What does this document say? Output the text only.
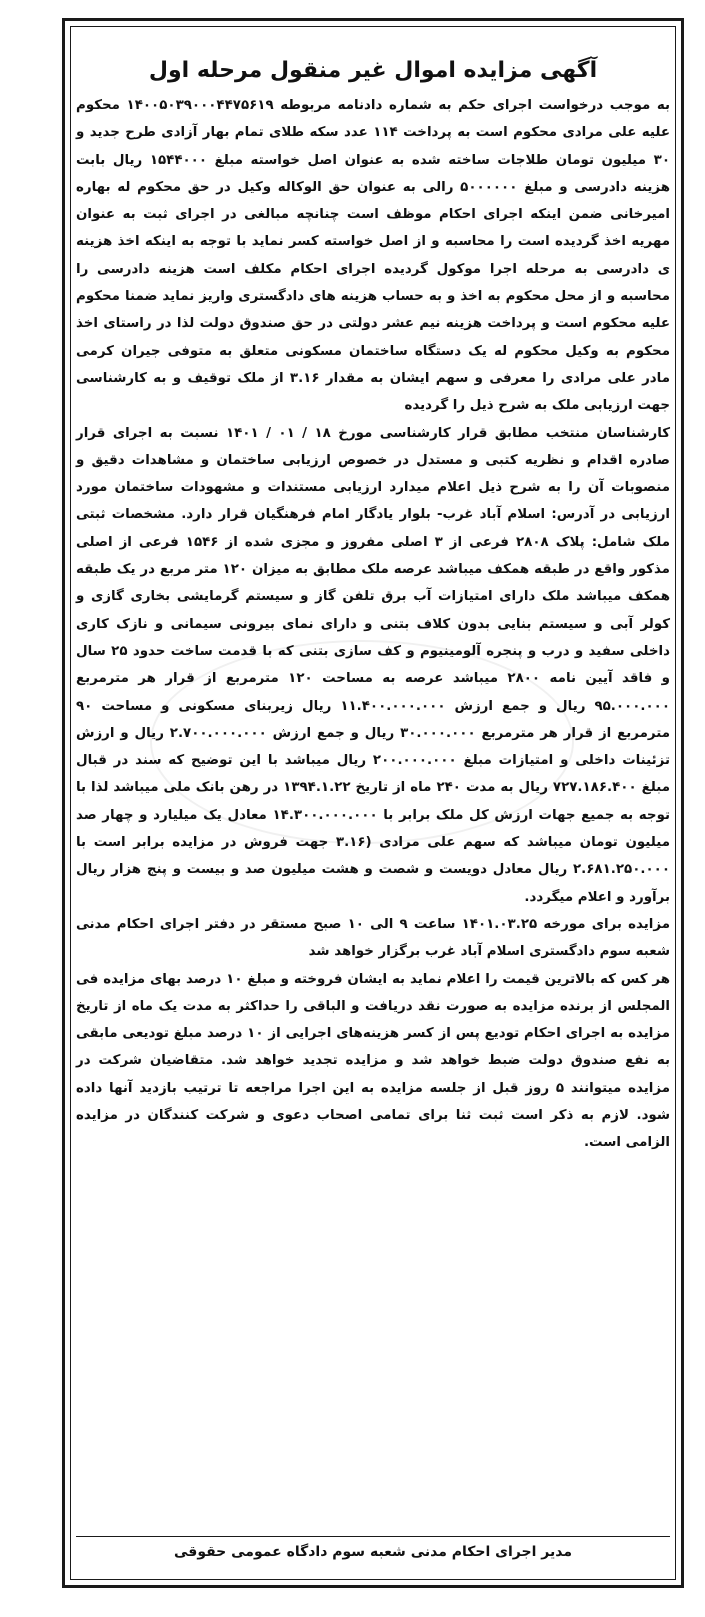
آگهی مزایده اموال غیر منقول مرحله اول

به موجب درخواست اجرای حکم به شماره دادنامه مربوطه ۱۴۰۰۵۰۳۹۰۰۰۴۴۷۵۶۱۹ محکوم علیه علی مرادی محکوم است به پرداخت ۱۱۴ عدد سکه طلای تمام بهار آزادی طرح جدید و ۳۰ میلیون تومان طلاجات ساخته شده به عنوان اصل خواسته مبلغ ۱۵۴۴۰۰۰ ریال بابت هزینه دادرسی و مبلغ ۵۰۰۰۰۰۰ رالی به عنوان حق الوکاله وکیل در حق محکوم له بهاره امیرخانی ضمن اینکه اجرای احکام موظف است چنانچه مبالغی در اجرای ثبت به عنوان مهریه اخذ گردیده است را محاسبه و از اصل خواسته کسر نماید با توجه به اینکه اخذ هزینه ی دادرسی به مرحله اجرا موکول گردیده اجرای احکام مکلف است هزینه دادرسی را محاسبه و از محل محکوم به اخذ و به حساب هزینه های دادگستری واریز نماید ضمنا محکوم علیه محکوم است و پرداخت هزینه نیم عشر دولتی در حق صندوق دولت لذا در راستای اخذ محکوم به وکیل محکوم له یک دستگاه ساختمان مسکونی متعلق به متوفی جیران کرمی مادر علی مرادی را معرفی و سهم ایشان به مقدار ۳.۱۶ از ملک توقیف و به کارشناسی جهت ارزیابی ملک به شرح ذیل را گردیده

کارشناسان منتخب مطابق قرار کارشناسی مورخ ۱۸ / ۰۱ / ۱۴۰۱ نسبت به اجرای قرار صادره اقدام و نظریه کتبی و مستدل در خصوص ارزیابی ساختمان و مشاهدات دقیق و منصوبات آن را به شرح ذیل اعلام میدارد ارزیابی مستندات و مشهودات ساختمان مورد ارزیابی در آدرس: اسلام آباد غرب- بلوار یادگار امام فرهنگیان قرار دارد. مشخصات ثبتی ملک شامل: پلاک ۲۸۰۸ فرعی از ۳ اصلی مفروز و مجزی شده از ۱۵۴۶ فرعی از اصلی مذکور واقع در طبقه همکف میباشد عرصه ملک مطابق به میزان ۱۲۰ متر مربع در یک طبقه همکف میباشد ملک دارای امتیازات آب برق تلفن گاز و سیستم گرمایشی بخاری گازی و کولر آبی و سیستم بنایی بدون کلاف بتنی و دارای نمای بیرونی سیمانی و نازک کاری داخلی سفید و درب و پنجره آلومینیوم و کف سازی بتنی که با قدمت ساخت حدود ۲۵ سال و فاقد آیین نامه ۲۸۰۰ میباشد عرصه به مساحت ۱۲۰ مترمربع از قرار هر مترمربع ۹۵.۰۰۰.۰۰۰ ریال و جمع ارزش ۱۱.۴۰۰.۰۰۰.۰۰۰ ریال زیربنای مسکونی و مساحت ۹۰ مترمربع از قرار هر مترمربع ۳۰.۰۰۰.۰۰۰ ریال و جمع ارزش ۲.۷۰۰.۰۰۰.۰۰۰ ریال و ارزش تزئینات داخلی و امتیازات مبلغ ۲۰۰.۰۰۰.۰۰۰ ریال میباشد با این توضیح که سند در قبال مبلغ ۷۲۷.۱۸۶.۴۰۰ ریال به مدت ۲۴۰ ماه از تاریخ ۱۳۹۴.۱.۲۲ در رهن بانک ملی میباشد لذا با توجه به جمیع جهات ارزش کل ملک برابر با ۱۴.۳۰۰.۰۰۰.۰۰۰ معادل یک میلیارد و چهار صد میلیون تومان میباشد که سهم علی مرادی (۳.۱۶ جهت فروش در مزایده برابر است با ۲.۶۸۱.۲۵۰.۰۰۰ ریال معادل دویست و شصت و هشت میلیون صد و بیست و پنج هزار ریال برآورد و اعلام میگردد.

مزایده برای مورخه ۱۴۰۱.۰۳.۲۵ ساعت ۹ الی ۱۰ صبح مستقر در دفتر اجرای احکام مدنی شعبه سوم دادگستری اسلام آباد غرب برگزار خواهد شد

هر کس که بالاترین قیمت را اعلام نماید به ایشان فروخته و مبلغ ۱۰ درصد بهای مزایده فی المجلس از برنده مزایده به صورت نقد دریافت و الباقی را حداکثر به مدت یک ماه از تاریخ مزایده به اجرای احکام تودیع پس از کسر هزینه‌های اجرایی از ۱۰ درصد مبلغ تودیعی مابقی به نفع صندوق دولت ضبط خواهد شد و مزایده تجدید خواهد شد. متقاضیان شرکت در مزایده میتوانند ۵ روز قبل از جلسه مزایده به این اجرا مراجعه تا ترتیب بازدید آنها داده شود. لازم به ذکر است ثبت ثنا برای تمامی اصحاب دعوی و شرکت کنندگان در مزایده الزامی است.

مدیر اجرای احکام مدنی شعبه سوم دادگاه عمومی حقوقی
